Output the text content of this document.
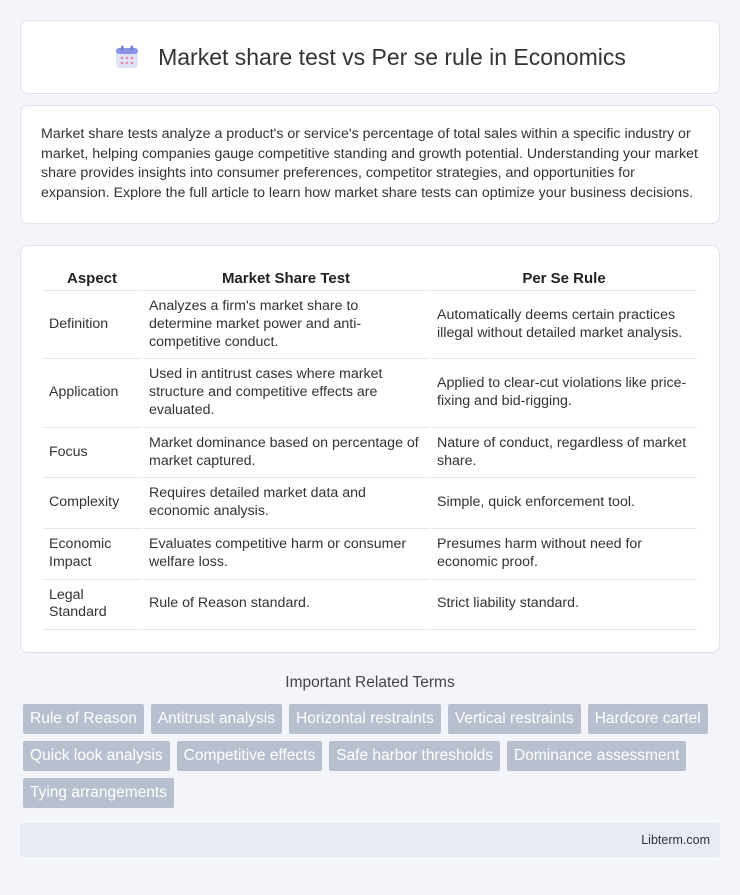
Market share test vs Per se rule in Economics

Market share tests analyze a product's or service's percentage of total sales within a specific industry or market, helping companies gauge competitive standing and growth potential. Understanding your market share provides insights into consumer preferences, competitor strategies, and opportunities for expansion. Explore the full article to learn how market share tests can optimize your business decisions.

Aspect	Market Share Test	Per Se Rule
Definition	Analyzes a firm's market share to determine market power and anti-competitive conduct.	Automatically deems certain practices illegal without detailed market analysis.
Application	Used in antitrust cases where market structure and competitive effects are evaluated.	Applied to clear-cut violations like price-fixing and bid-rigging.
Focus	Market dominance based on percentage of market captured.	Nature of conduct, regardless of market share.
Complexity	Requires detailed market data and economic analysis.	Simple, quick enforcement tool.
Economic Impact	Evaluates competitive harm or consumer welfare loss.	Presumes harm without need for economic proof.
Legal Standard	Rule of Reason standard.	Strict liability standard.
Important Related Terms
Rule of Reason	Antitrust analysis	Horizontal restraints	Vertical restraints	Hardcore cartel
Quick look analysis	Competitive effects	Safe harbor thresholds	Dominance assessment
Tying arrangements
Libterm.com
